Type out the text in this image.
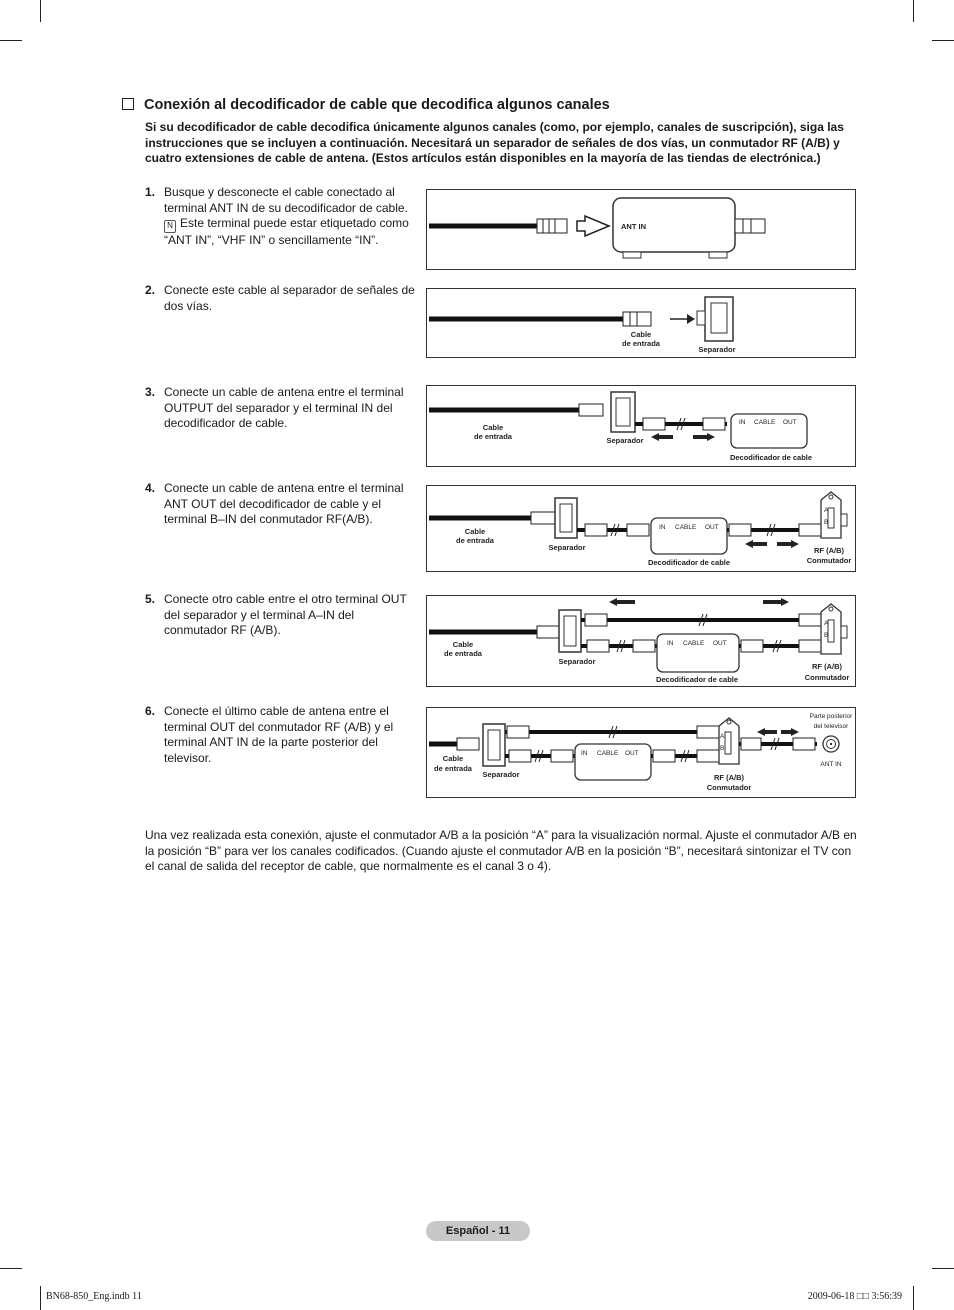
Conexión al decodificador de cable que decodifica algunos canales
Si su decodificador de cable decodifica únicamente algunos canales (como, por ejemplo, canales de suscripción), siga las instrucciones que se incluyen a continuación. Necesitará un separador de señales de dos vías, un conmutador RF (A/B) y cuatro extensiones de cable de antena. (Estos artículos están disponibles en la mayoría de las tiendas de electrónica.)
1. Busque y desconecte el cable conectado al terminal ANT IN de su decodificador de cable.
N Este terminal puede estar etiquetado como “ANT IN”, “VHF IN” o sencillamente “IN”.
2. Conecte este cable al separador de señales de dos vías.
3. Conecte un cable de antena entre el terminal OUTPUT del separador y el terminal IN del decodificador de cable.
4. Conecte un cable de antena entre el terminal ANT OUT del decodificador de cable y el terminal B–IN del conmutador RF(A/B).
5. Conecte otro cable entre el otro terminal OUT del separador y el terminal A–IN del conmutador RF (A/B).
6. Conecte el último cable de antena entre el terminal OUT del conmutador RF (A/B) y el terminal ANT IN de la parte posterior del televisor.
ANT IN
Cable
de entrada
Separador
IN CABLE OUT
Cable
de entrada	Separador
Decodificador de cable
IN CABLE OUT
A
B
Cable
de entrada
Separador
Decodificador de cable
RF (A/B)
Conmutador
IN CABLE OUT
A
B
Cable
de entrada
Separador
Decodificador de cable
RF (A/B)
Conmutador
IN CABLE OUT
A
B
Parte posterior
del televisor
ANT IN
Cable
de entrada
Separador	RF (A/B)
Conmutador
Una vez realizada esta conexión, ajuste el conmutador A/B a la posición “A” para la visualización normal. Ajuste el conmutador A/B en la posición “B” para ver los canales codificados. (Cuando ajuste el conmutador A/B en la posición “B”, necesitará sintonizar el TV con el canal de salida del receptor de cable, que normalmente es el canal 3 o 4).
Español - 11
BN68-850_Eng.indb 11	2009-06-18 □□ 3:56:39
